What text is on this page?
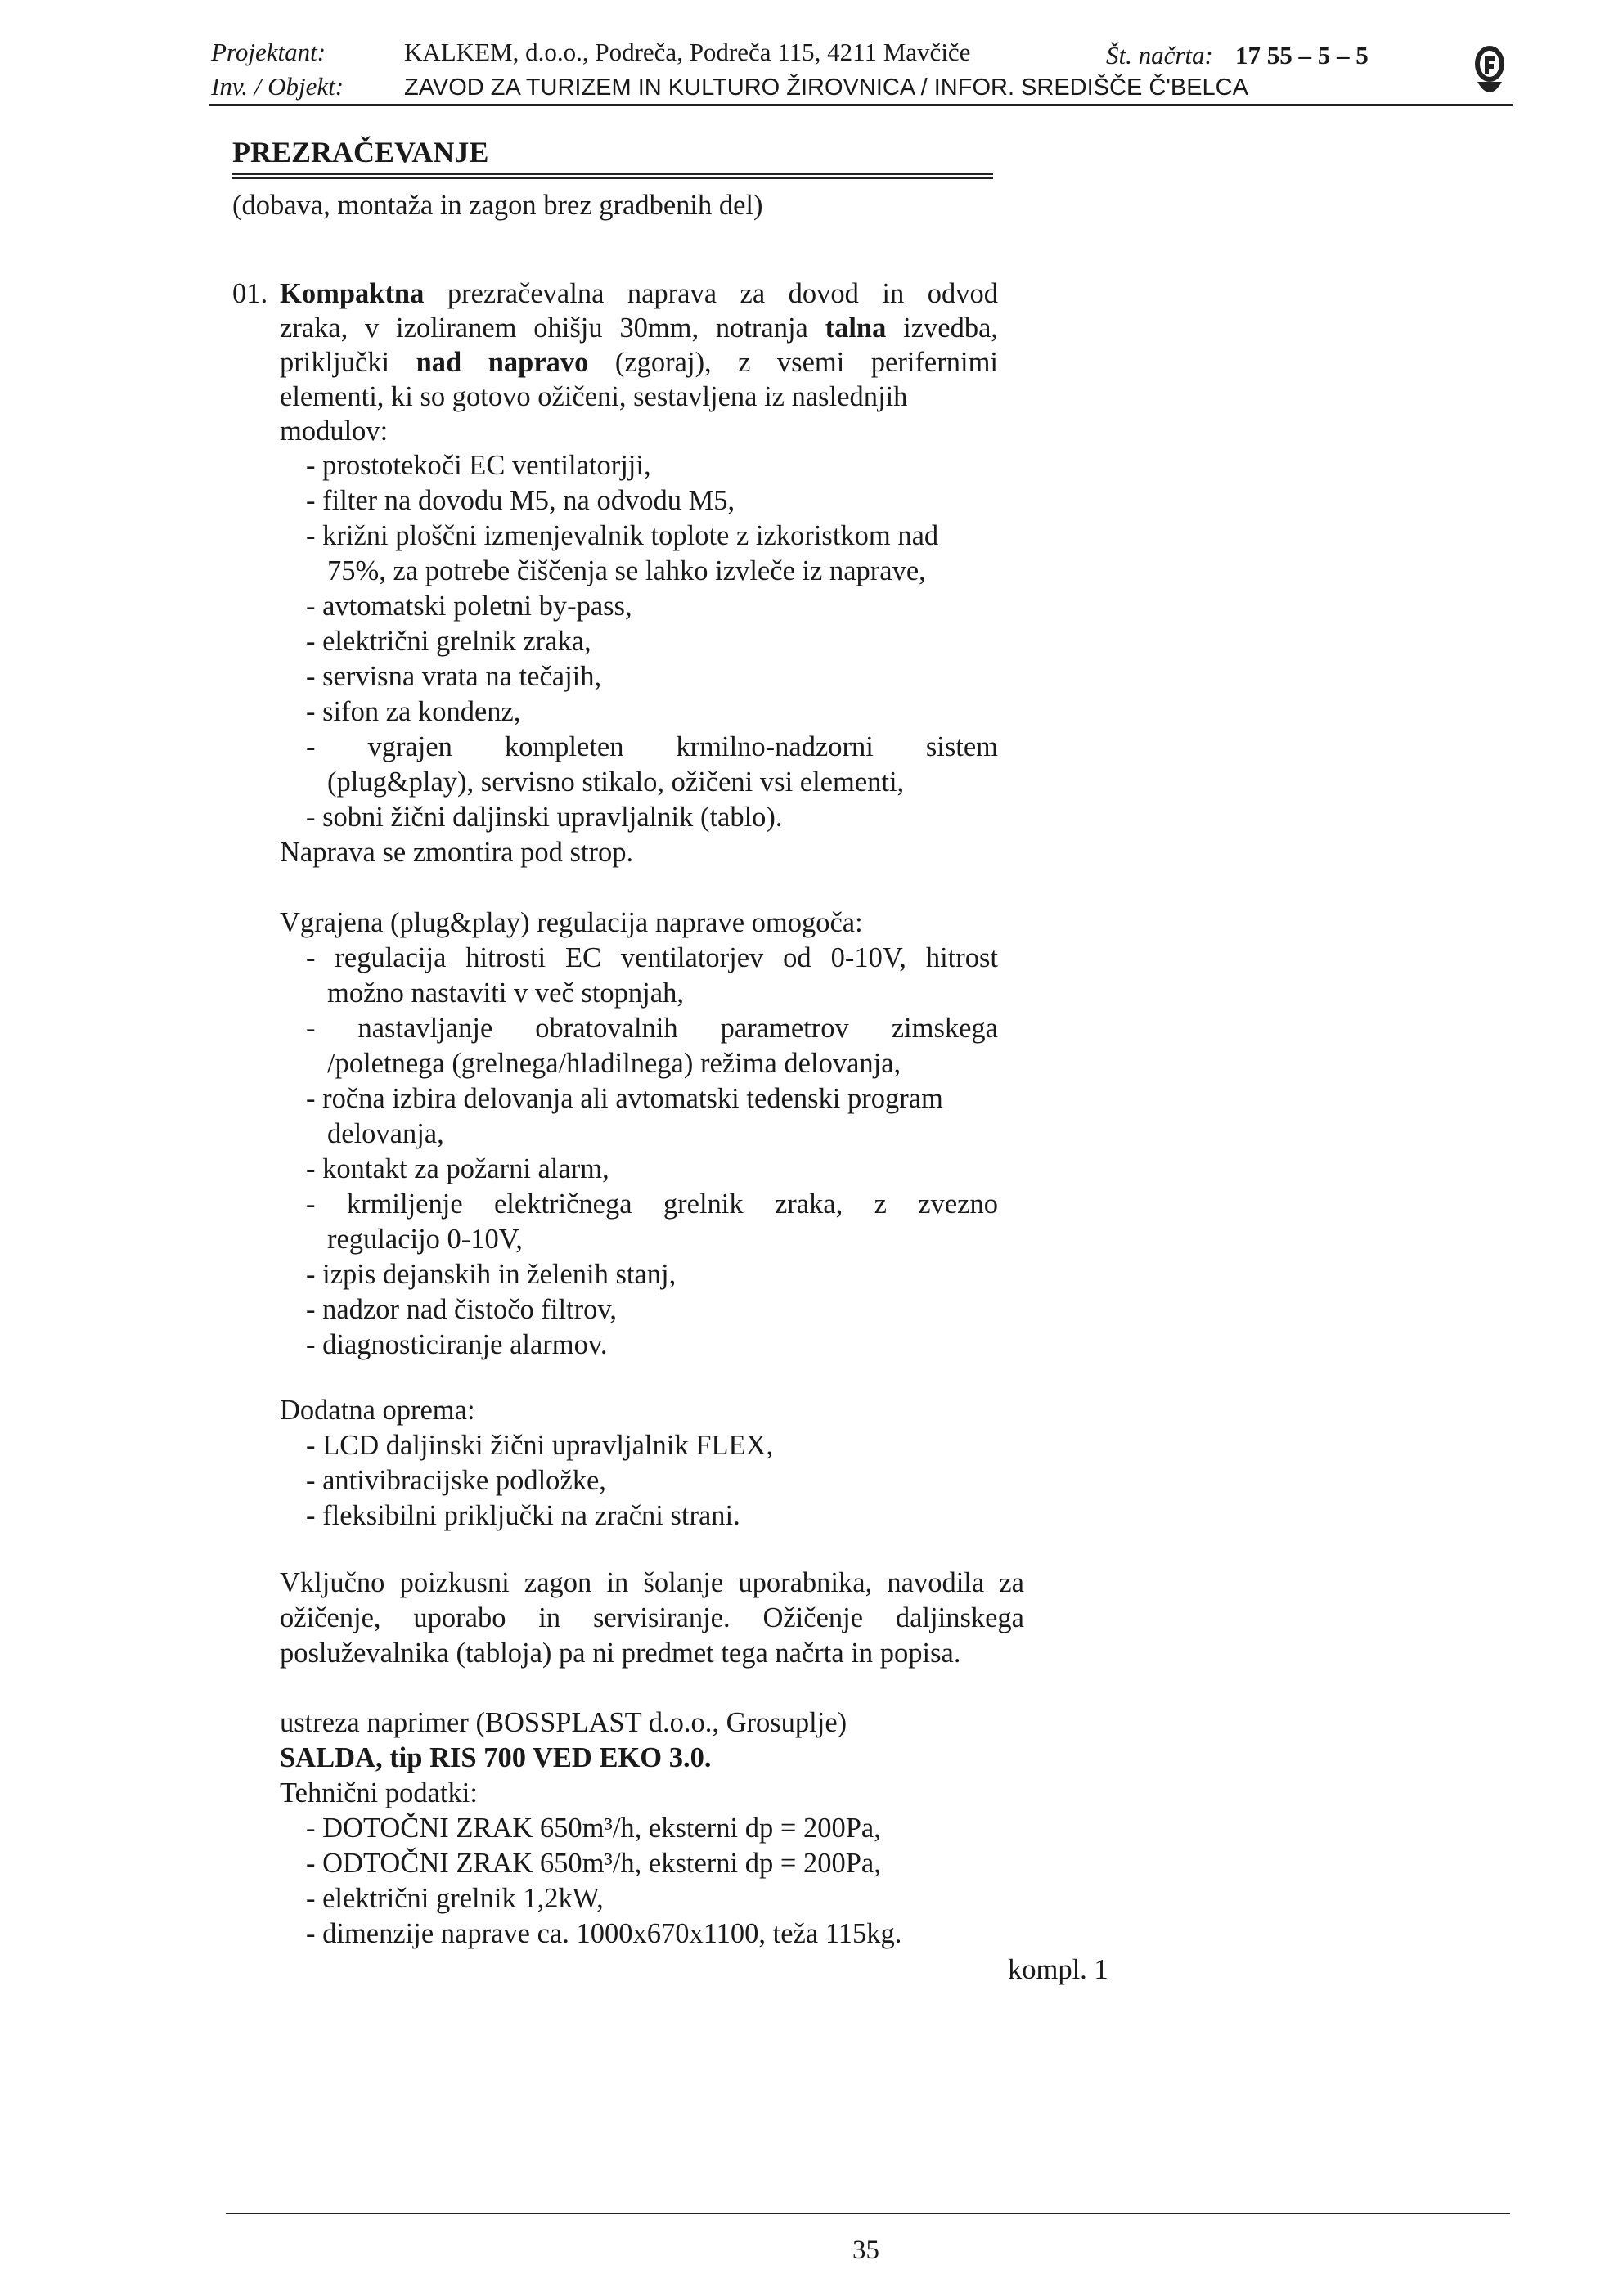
Projektant:	KALKEM, d.o.o., Podreča, Podreča 115, 4211 Mavčiče	Št. načrta: 17 55 – 5 – 5
Inv. / Objekt:	ZAVOD ZA TURIZEM IN KULTURO ŽIROVNICA / INFOR. SREDIŠČE Č'BELCA
PREZRAČEVANJE
(dobava, montaža in zagon brez gradbenih del)
01. Kompaktna prezračevalna naprava za dovod in odvod
zraka, v izoliranem ohišju 30mm, notranja talna izvedba,
priključki nad napravo (zgoraj), z vsemi perifernimi
elementi, ki so gotovo ožičeni, sestavljena iz naslednjih
modulov:
- prostotekoči EC ventilatorjji,
- filter na dovodu M5, na odvodu M5,
- križni ploščni izmenjevalnik toplote z izkoristkom nad
75%, za potrebe čiščenja se lahko izvleče iz naprave,
- avtomatski poletni by-pass,
- električni grelnik zraka,
- servisna vrata na tečajih,
- sifon za kondenz,
- vgrajen kompleten krmilno-nadzorni sistem
(plug&play), servisno stikalo, ožičeni vsi elementi,
- sobni žični daljinski upravljalnik (tablo).
Naprava se zmontira pod strop.
Vgrajena (plug&play) regulacija naprave omogoča:
- regulacija hitrosti EC ventilatorjev od 0-10V, hitrost
možno nastaviti v več stopnjah,
- nastavljanje obratovalnih parametrov zimskega
/poletnega (grelnega/hladilnega) režima delovanja,
- ročna izbira delovanja ali avtomatski tedenski program
delovanja,
- kontakt za požarni alarm,
- krmiljenje električnega grelnik zraka, z zvezno
regulacijo 0-10V,
- izpis dejanskih in želenih stanj,
- nadzor nad čistočo filtrov,
- diagnosticiranje alarmov.
Dodatna oprema:
- LCD daljinski žični upravljalnik FLEX,
- antivibracijske podložke,
- fleksibilni priključki na zračni strani.
Vključno poizkusni zagon in šolanje uporabnika, navodila za
ožičenje, uporabo in servisiranje. Ožičenje daljinskega
posluževalnika (tabloja) pa ni predmet tega načrta in popisa.
ustreza naprimer (BOSSPLAST d.o.o., Grosuplje)
SALDA, tip RIS 700 VED EKO 3.0.
Tehnični podatki:
- DOTOČNI ZRAK 650m³/h, eksterni dp = 200Pa,
- ODTOČNI ZRAK 650m³/h, eksterni dp = 200Pa,
- električni grelnik 1,2kW,
- dimenzije naprave ca. 1000x670x1100, teža 115kg.
kompl. 1
35
